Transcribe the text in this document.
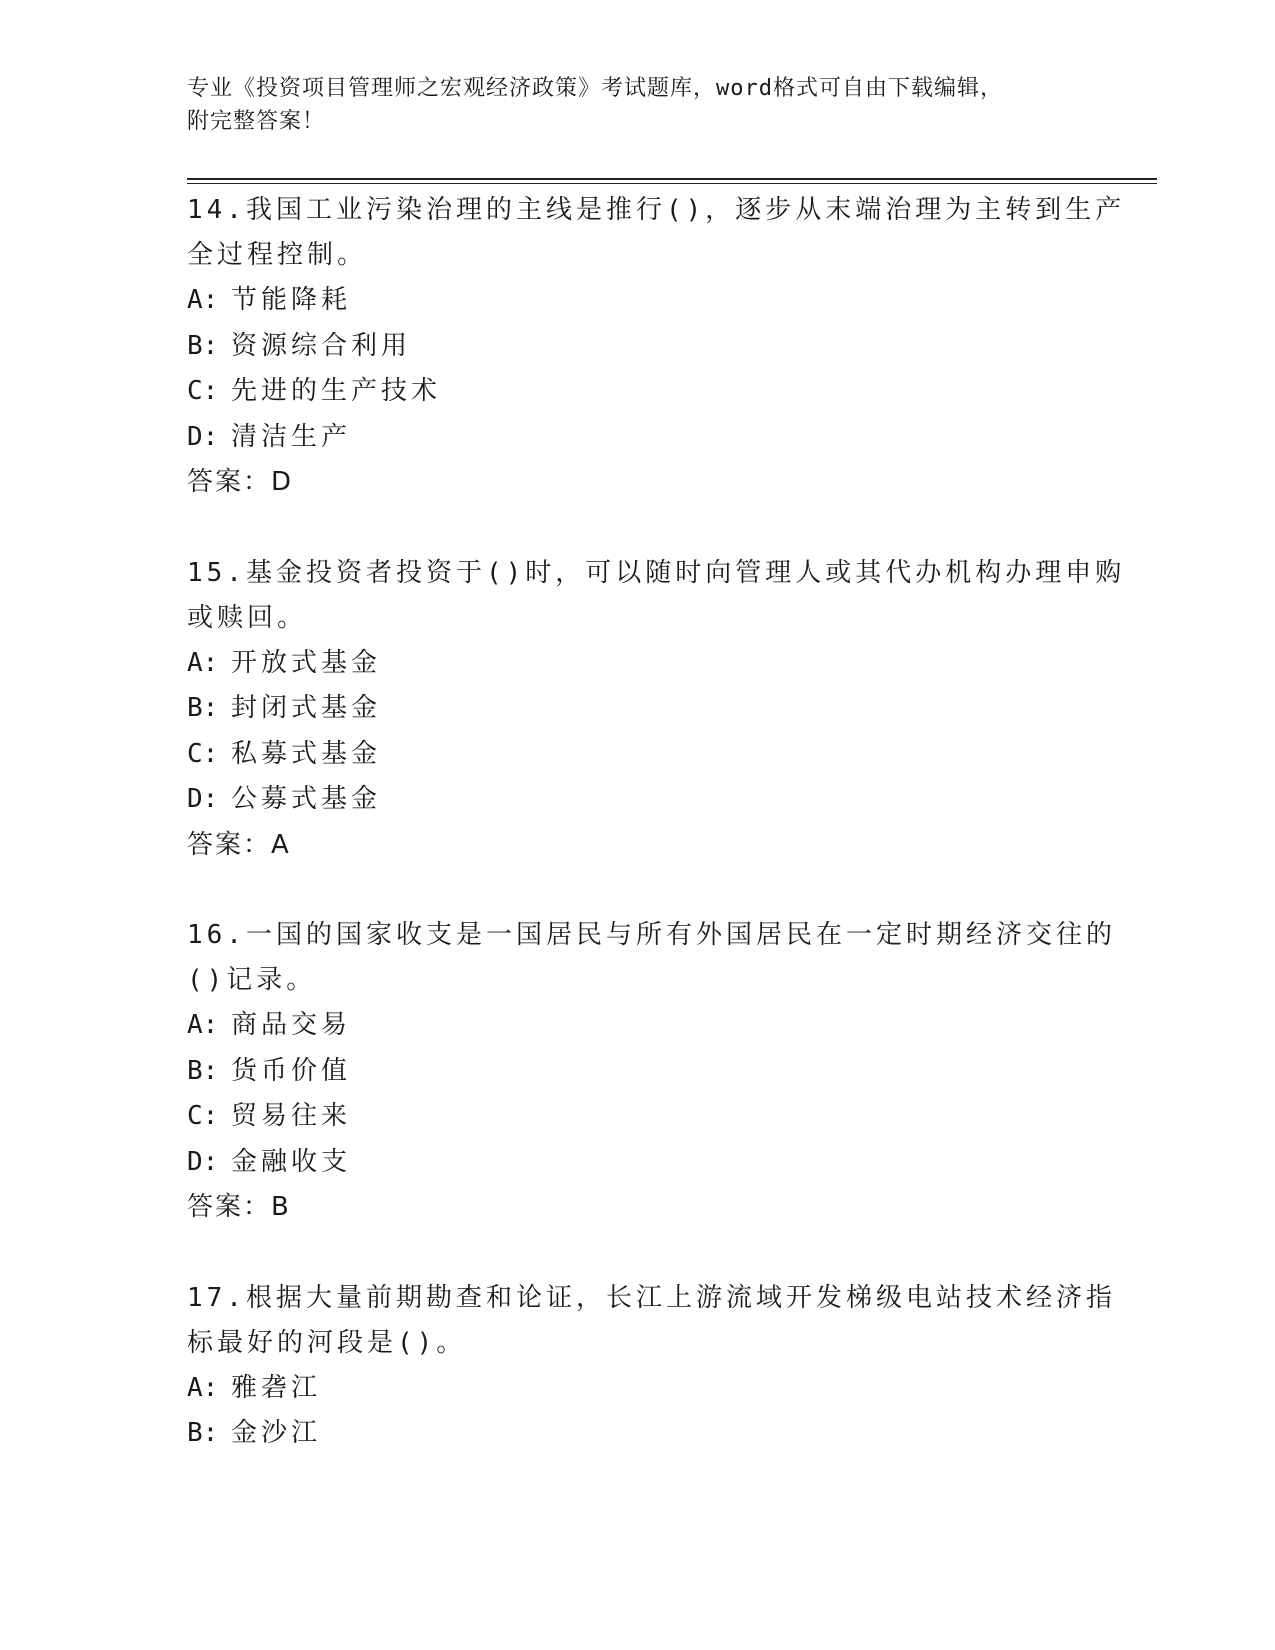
专业《投资项目管理师之宏观经济政策》考试题库，word格式可自由下载编辑，
附完整答案！
14.我国工业污染治理的主线是推行()，逐步从末端治理为主转到生产
全过程控制。
A: 节能降耗
B: 资源综合利用
C: 先进的生产技术
D: 清洁生产
答案：D
15.基金投资者投资于()时，可以随时向管理人或其代办机构办理申购
或赎回。
A: 开放式基金
B: 封闭式基金
C: 私募式基金
D: 公募式基金
答案：A
16.一国的国家收支是一国居民与所有外国居民在一定时期经济交往的
()记录。
A: 商品交易
B: 货币价值
C: 贸易往来
D: 金融收支
答案：B
17.根据大量前期勘查和论证，长江上游流域开发梯级电站技术经济指
标最好的河段是()。
A: 雅砻江
B: 金沙江
